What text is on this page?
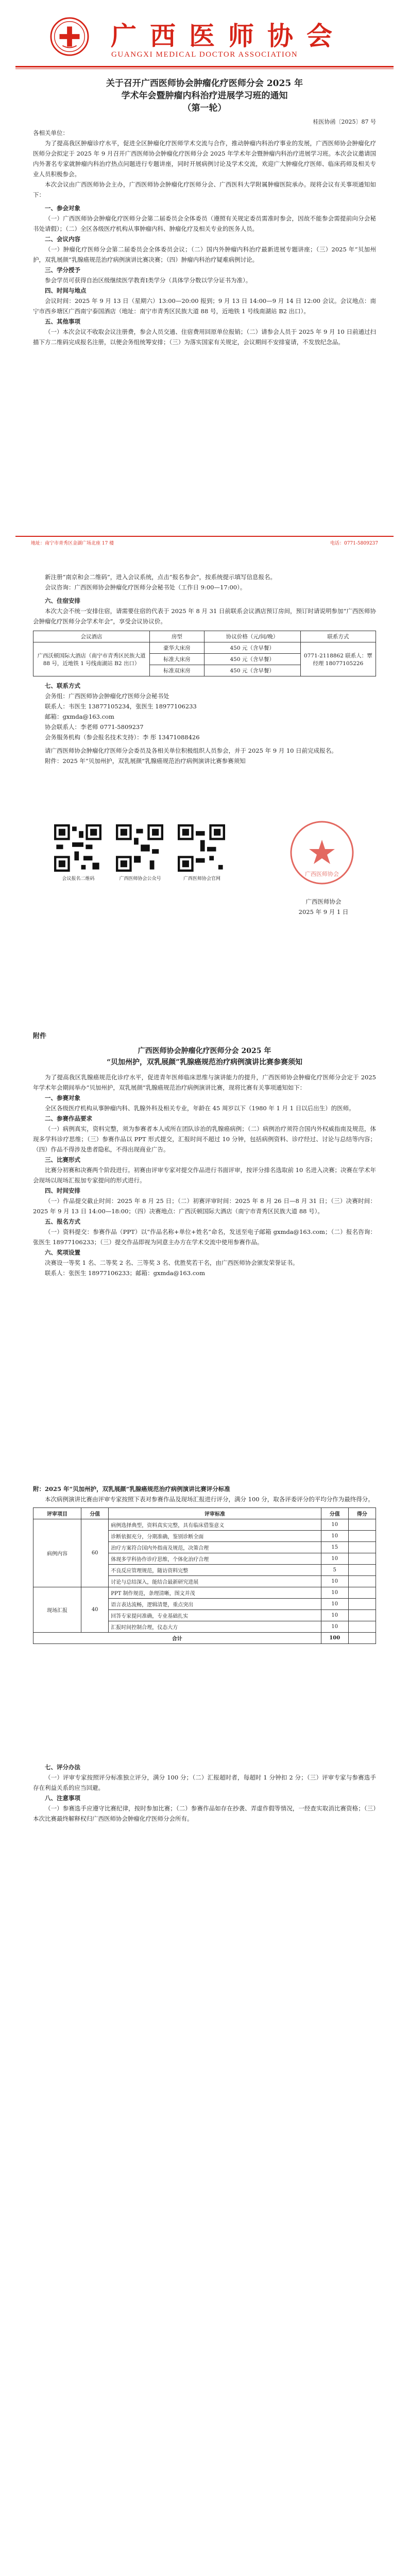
广西医师协会
GUANGXI MEDICAL DOCTOR ASSOCIATION
关于召开广西医师协会肿瘤化疗医师分会 2025 年
学术年会暨肿瘤内科治疗进展学习班的通知
（第一轮）
桂医协函〔2025〕87 号

各相关单位：

为了提高我区肿瘤诊疗水平，促进全区肿瘤化疗医师学术交流与合作，推动肿瘤内科治疗事业的发展，广西医师协会肿瘤化疗医师分会拟定于 2025 年 9 月召开广西医师协会肿瘤化疗医师分会 2025 年学术年会暨肿瘤内科治疗进展学习班。本次会议邀请国内外著名专家就肿瘤内科治疗热点问题进行专题讲座，同时开展病例讨论及学术交流，欢迎广大肿瘤化疗医师、临床药师及相关专业人员积极参会。

本次会议由广西医师协会主办，广西医师协会肿瘤化疗医师分会、广西医科大学附属肿瘤医院承办。现将会议有关事项通知如下：

一、参会对象

（一）广西医师协会肿瘤化疗医师分会第二届委员会全体委员（遵照有关规定委员需准时参会，因故不能参会需提前向分会秘书处请假）；（二）全区各级医疗机构从事肿瘤内科、肿瘤化疗及相关专业的医务人员。

二、会议内容

（一）肿瘤化疗医师分会第二届委员会全体委员会议；（二）国内外肿瘤内科治疗最新进展专题讲座；（三）2025 年“贝加州护，双乳展颜”乳腺癌规范治疗病例演讲比赛决赛；（四）肿瘤内科治疗疑难病例讨论。

三、学分授予

参会学员可获得自治区级继续医学教育Ⅰ类学分（具体学分数以学分证书为准）。

四、时间与地点

会议时间：2025 年 9 月 13 日（星期六）13:00—20:00 报到；9 月 13 日 14:00—9 月 14 日 12:00 会议。会议地点：南宁市西乡塘区广西南宁泰国酒店（地址：南宁市青秀区民族大道 88 号，近地铁 1 号线南湖站 B2 出口）。

五、其他事项

（一）本次会议不收取会议注册费，参会人员交通、住宿费用回原单位报销；（二）请参会人员于 2025 年 9 月 10 日前通过扫描下方二维码完成报名注册，以便会务组统筹安排；（三）为落实国家有关规定，会议期间不安排宴请，不发放纪念品。

地址：南宁市青秀区金湖广场北座 17 楼	电话：0771-5809237

新注册“南京和会二维码”，进入会议系统，点击“报名参会”，按系统提示填写信息报名。

会议咨询：广西医师协会肿瘤化疗医师分会秘书处（工作日 9:00—17:00）。

六、住宿安排

本次大会不统一安排住宿，请需要住宿的代表于 2025 年 8 月 31 日前联系会议酒店预订房间，预订时请说明参加“广西医师协会肿瘤化疗医师分会学术年会”，享受会议协议价。

会议酒店	房型	协议价格（元/间/晚）	联系方式
广西沃顿国际大酒店（南宁市青秀区民族大道 88 号，近地铁 1 号线南湖站 B2 出口）	豪华大床房	450 元（含早餐）	0771-2118862 联系人：覃经理 18077105226
	标准大床房	450 元（含早餐）	
	标准双床房	450 元（含早餐）	
七、联系方式

会务组：广西医师协会肿瘤化疗医师分会秘书处

联系人：韦医生 13877105234，张医生 18977106233

邮箱：gxmda@163.com

协会联系人：李老师 0771-5809237

会务服务机构（参会报名技术支持）：李 彤 13471088426

请广西医师协会肿瘤化疗医师分会委员及各相关单位积极组织人员参会，并于 2025 年 9 月 10 日前完成报名。

附件：2025 年“贝加州护，双乳展颜”乳腺癌规范治疗病例演讲比赛参赛须知

会议报名二维码	广西医师协会公众号	广西医师协会官网
广西医师协会
广西医师协会
2025 年 9 月 1 日
附件
广西医师协会肿瘤化疗医师分会 2025 年
“贝加州护，双乳展颜”乳腺癌规范治疗病例演讲比赛参赛须知

为了提高我区乳腺癌规范化诊疗水平，促进青年医师临床思维与演讲能力的提升，广西医师协会肿瘤化疗医师分会定于 2025 年学术年会期间举办“贝加州护，双乳展颜”乳腺癌规范治疗病例演讲比赛，现将比赛有关事项通知如下：

一、参赛对象

全区各级医疗机构从事肿瘤内科、乳腺外科及相关专业，年龄在 45 周岁以下（1980 年 1 月 1 日以后出生）的医师。

二、参赛作品要求

（一）病例真实，资料完整，须为参赛者本人或所在团队诊治的乳腺癌病例；（二）病例治疗须符合国内外权威指南及规范，体现多学科诊疗思维；（三）参赛作品以 PPT 形式提交，汇报时间不超过 10 分钟，包括病例资料、诊疗经过、讨论与总结等内容；（四）作品不得涉及患者隐私，不得出现商业广告。

三、比赛形式

比赛分初赛和决赛两个阶段进行。初赛由评审专家对提交作品进行书面评审，按评分排名选取前 10 名进入决赛；决赛在学术年会现场以现场汇报加专家提问的形式进行。

四、时间安排

（一）作品提交截止时间：2025 年 8 月 25 日；（二）初赛评审时间：2025 年 8 月 26 日—8 月 31 日；（三）决赛时间：2025 年 9 月 13 日 14:00—18:00；（四）决赛地点：广西沃顿国际大酒店（南宁市青秀区民族大道 88 号）。

五、报名方式

（一）资料提交：参赛作品（PPT）以“作品名称+单位+姓名”命名，发送至电子邮箱 gxmda@163.com；（二）报名咨询：张医生 18977106233；（三）提交作品即视为同意主办方在学术交流中使用参赛作品。

六、奖项设置

决赛设一等奖 1 名、二等奖 2 名、三等奖 3 名、优胜奖若干名，由广西医师协会颁发荣誉证书。

联系人：张医生 18977106233；邮箱：gxmda@163.com

附：2025 年“贝加州护，双乳展颜”乳腺癌规范治疗病例演讲比赛评分标准

本次病例演讲比赛由评审专家按照下表对参赛作品及现场汇报进行评分，满分 100 分，取各评委评分的平均分作为最终得分。

评审项目	分值	评审标准	分值	得分
病例内容	60	病例选择典型，资料真实完整，具有临床借鉴意义	10	
		诊断依据充分，分期准确，鉴别诊断全面	10	
		治疗方案符合国内外指南及规范，决策合理	15	
		体现多学科协作诊疗思维，个体化治疗合理	10	
		不良反应管理规范，随访资料完整	5	
		讨论与总结深入，能结合最新研究进展	10	
现场汇报	40	PPT 制作规范，条理清晰，图文并茂	10	
		语言表达流畅，逻辑清楚，重点突出	10	
		回答专家提问准确，专业基础扎实	10	
		汇报时间控制合理，仪态大方	10	
合计			100	
七、评分办法

（一）评审专家按照评分标准独立评分，满分 100 分；（二）汇报超时者，每超时 1 分钟扣 2 分；（三）评审专家与参赛选手存在利益关系的应当回避。

八、注意事项

（一）参赛选手应遵守比赛纪律，按时参加比赛；（二）参赛作品如存在抄袭、弄虚作假等情况，一经查实取消比赛资格；（三）本次比赛最终解释权归广西医师协会肿瘤化疗医师分会所有。
